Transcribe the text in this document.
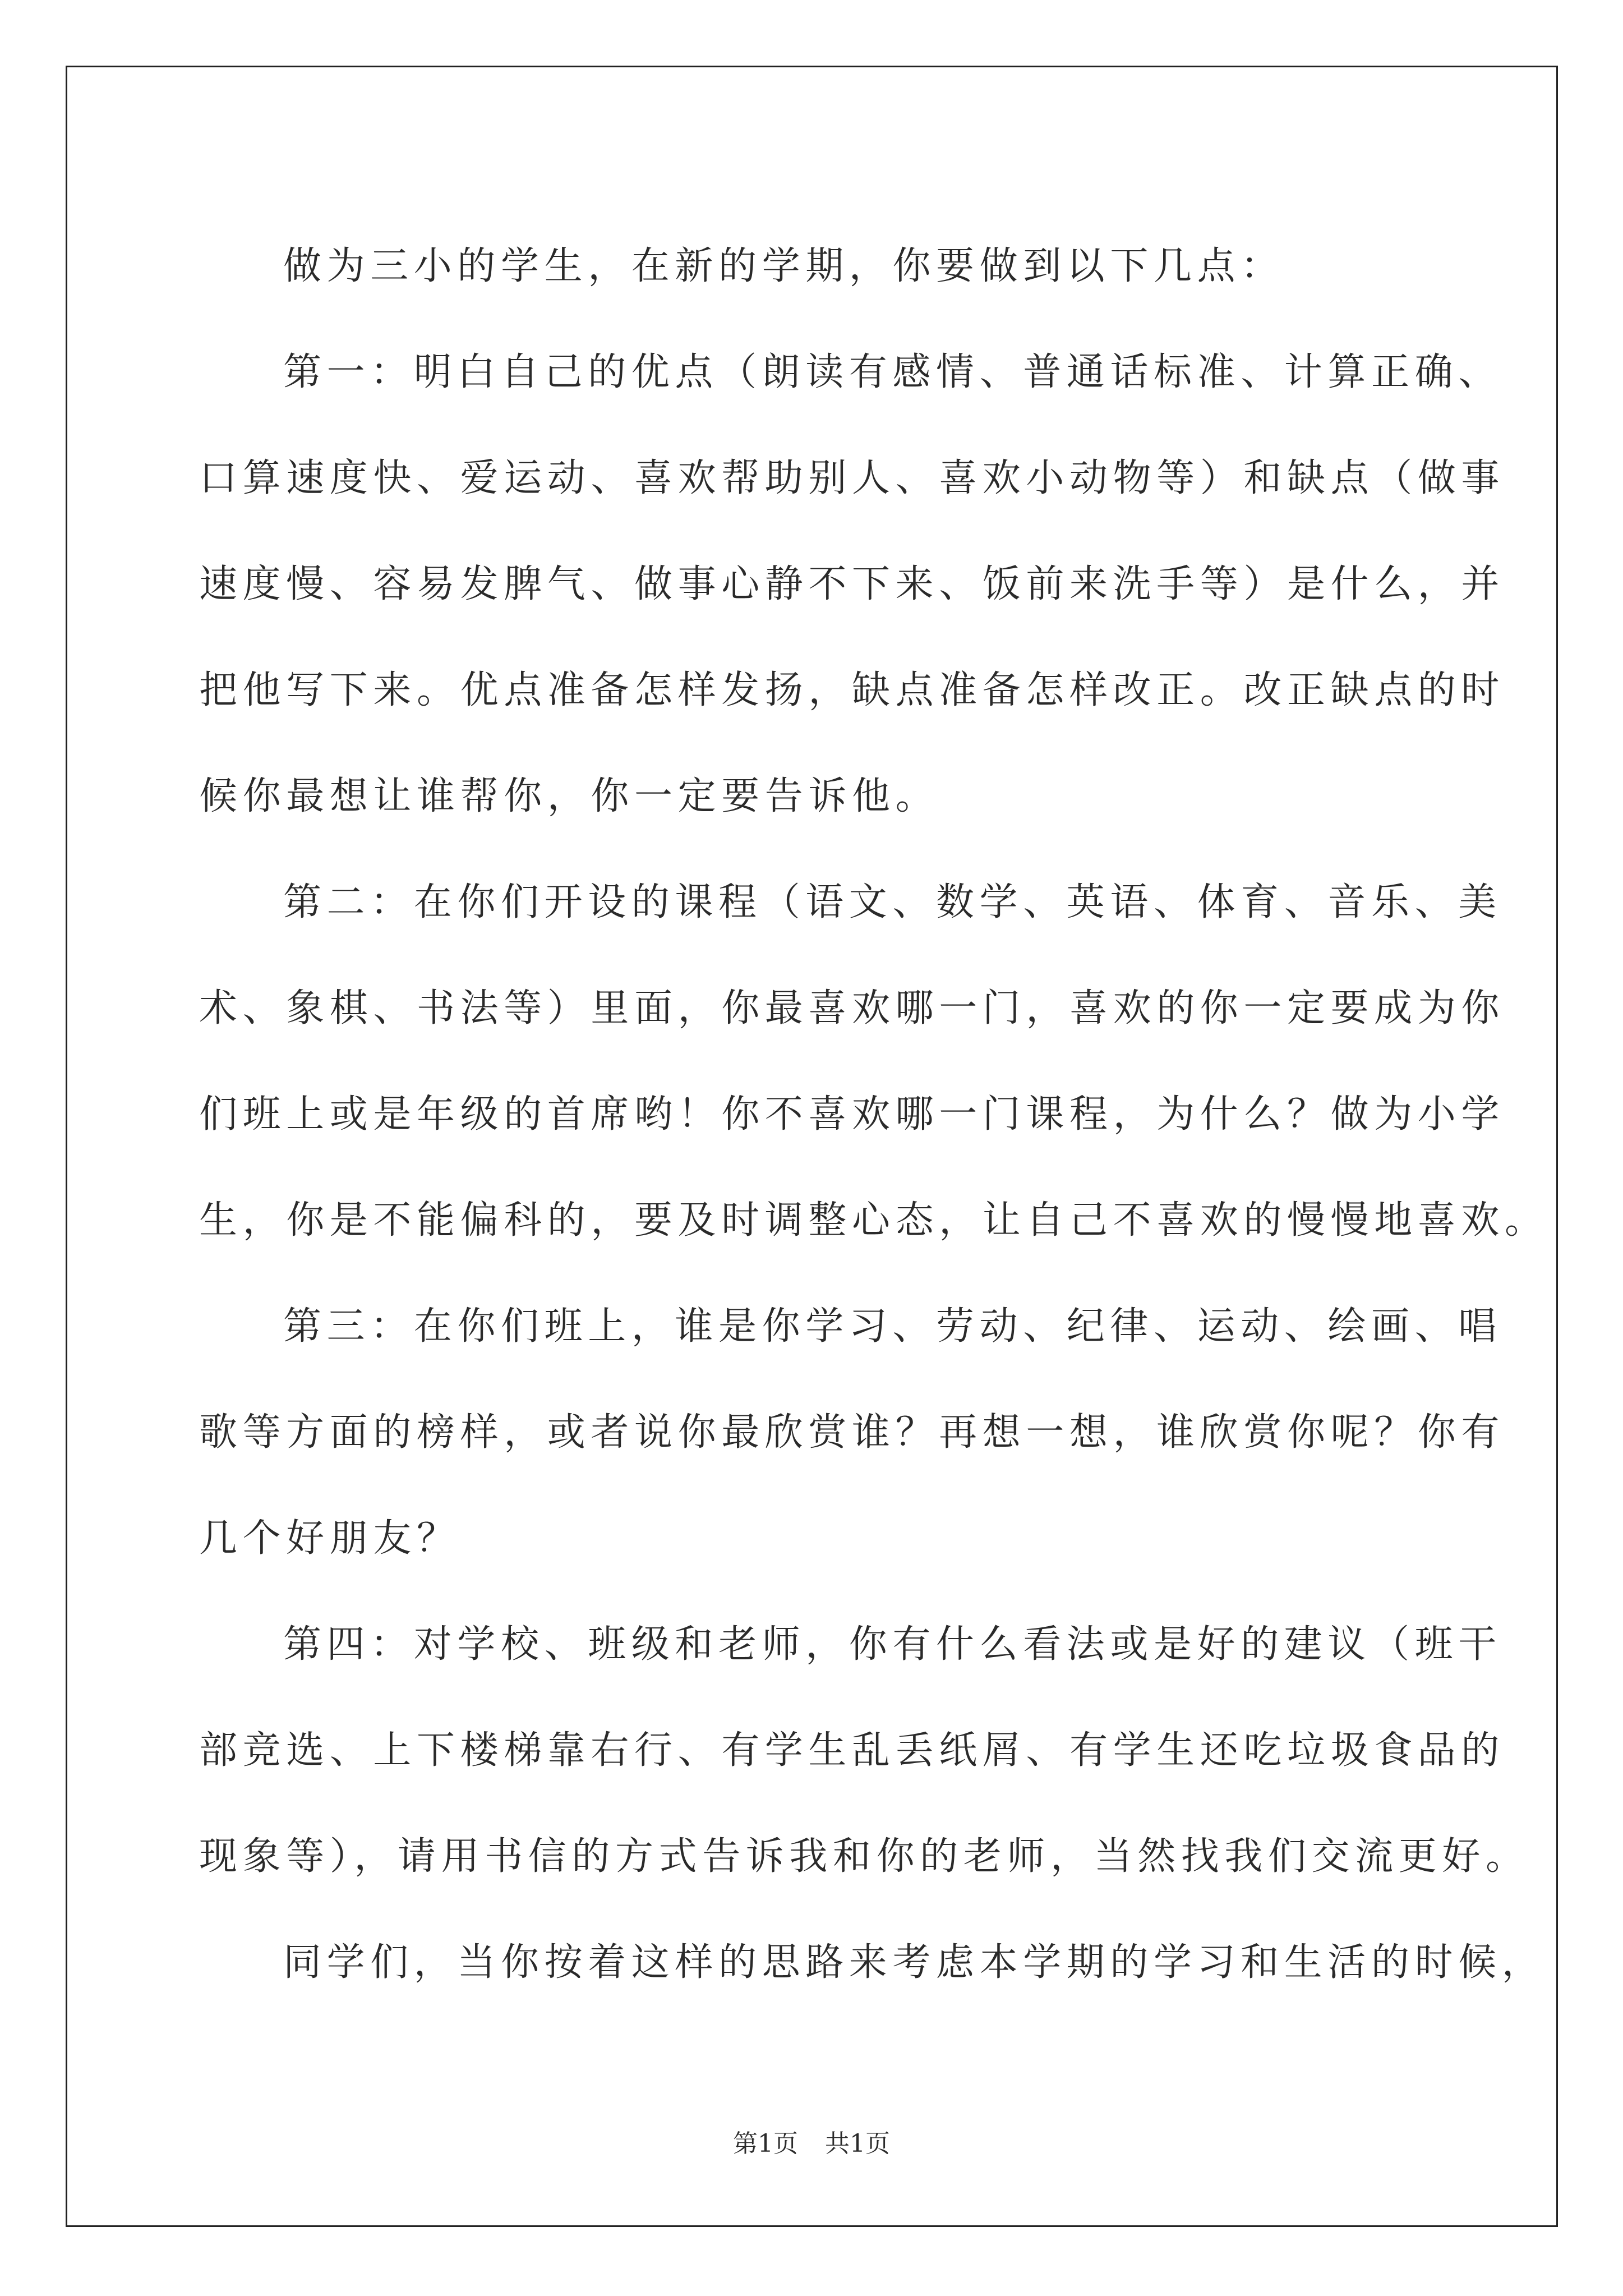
做为三小的学生，在新的学期，你要做到以下几点：

第一：明白自己的优点（朗读有感情、普通话标准、计算正确、

口算速度快、爱运动、喜欢帮助别人、喜欢小动物等）和缺点（做事

速度慢、容易发脾气、做事心静不下来、饭前来洗手等）是什么，并

把他写下来。优点准备怎样发扬，缺点准备怎样改正。改正缺点的时

候你最想让谁帮你，你一定要告诉他。

第二：在你们开设的课程（语文、数学、英语、体育、音乐、美

术、象棋、书法等）里面，你最喜欢哪一门，喜欢的你一定要成为你

们班上或是年级的首席哟！你不喜欢哪一门课程，为什么？做为小学

生，你是不能偏科的，要及时调整心态，让自己不喜欢的慢慢地喜欢。

第三：在你们班上，谁是你学习、劳动、纪律、运动、绘画、唱

歌等方面的榜样，或者说你最欣赏谁？再想一想，谁欣赏你呢？你有

几个好朋友？

第四：对学校、班级和老师，你有什么看法或是好的建议（班干

部竞选、上下楼梯靠右行、有学生乱丢纸屑、有学生还吃垃圾食品的

现象等），请用书信的方式告诉我和你的老师，当然找我们交流更好。

同学们，当你按着这样的思路来考虑本学期的学习和生活的时候，

第1页 共1页
